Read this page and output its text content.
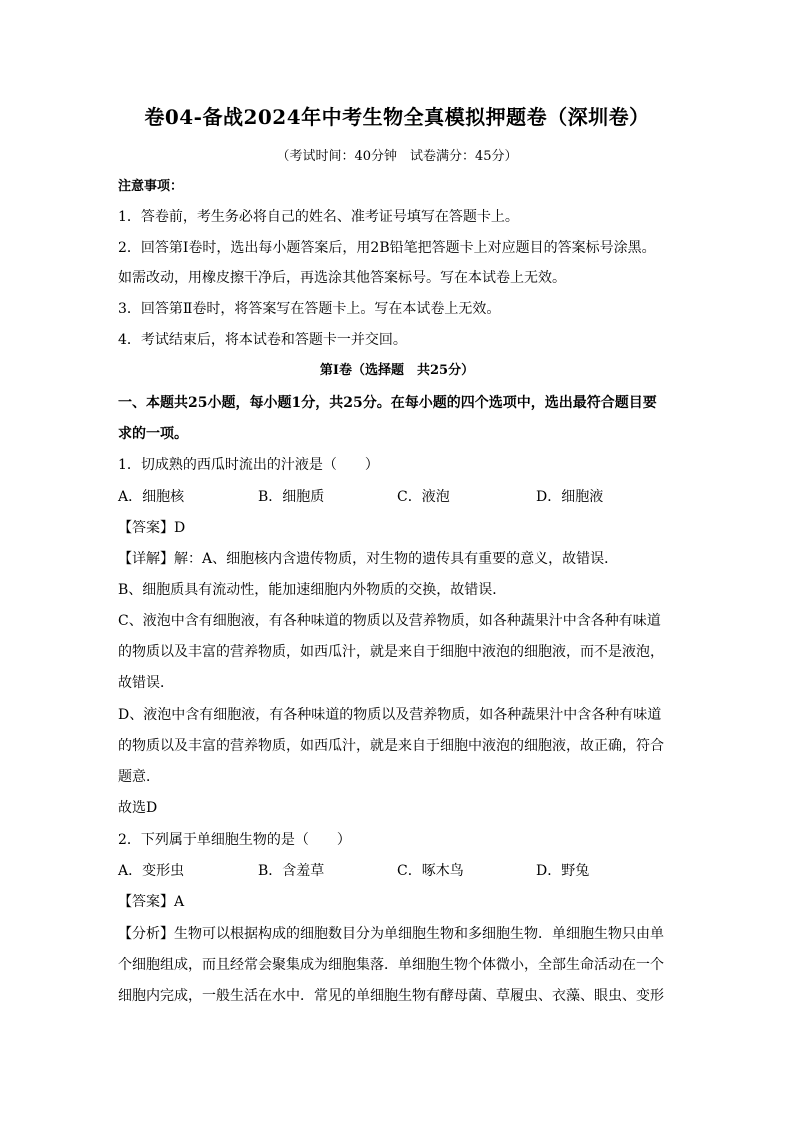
卷04-备战2024年中考生物全真模拟押题卷（深圳卷）
（考试时间：40分钟　试卷满分：45分）
注意事项：
1．答卷前，考生务必将自己的姓名、准考证号填写在答题卡上。
2．回答第Ⅰ卷时，选出每小题答案后，用2B铅笔把答题卡上对应题目的答案标号涂黑。
如需改动，用橡皮擦干净后，再选涂其他答案标号。写在本试卷上无效。
3．回答第Ⅱ卷时，将答案写在答题卡上。写在本试卷上无效。
4．考试结束后，将本试卷和答题卡一并交回。
第Ⅰ卷（选择题　共25分）
一、本题共25小题，每小题1分，共25分。在每小题的四个选项中，选出最符合题目要
求的一项。
1．切成熟的西瓜时流出的汁液是（　　）
A．细胞核	B．细胞质	C．液泡	D．细胞液
【答案】D
【详解】解：A、细胞核内含遗传物质，对生物的遗传具有重要的意义，故错误．
B、细胞质具有流动性，能加速细胞内外物质的交换，故错误．
C、液泡中含有细胞液，有各种味道的物质以及营养物质，如各种蔬果汁中含各种有味道
的物质以及丰富的营养物质，如西瓜汁，就是来自于细胞中液泡的细胞液，而不是液泡，
故错误．
D、液泡中含有细胞液，有各种味道的物质以及营养物质，如各种蔬果汁中含各种有味道
的物质以及丰富的营养物质，如西瓜汁，就是来自于细胞中液泡的细胞液，故正确，符合
题意．
故选D
2．下列属于单细胞生物的是（　　）
A．变形虫	B．含羞草	C．啄木鸟	D．野兔
【答案】A
【分析】生物可以根据构成的细胞数目分为单细胞生物和多细胞生物．单细胞生物只由单
个细胞组成，而且经常会聚集成为细胞集落．单细胞生物个体微小，全部生命活动在一个
细胞内完成，一般生活在水中．常见的单细胞生物有酵母菌、草履虫、衣藻、眼虫、变形
